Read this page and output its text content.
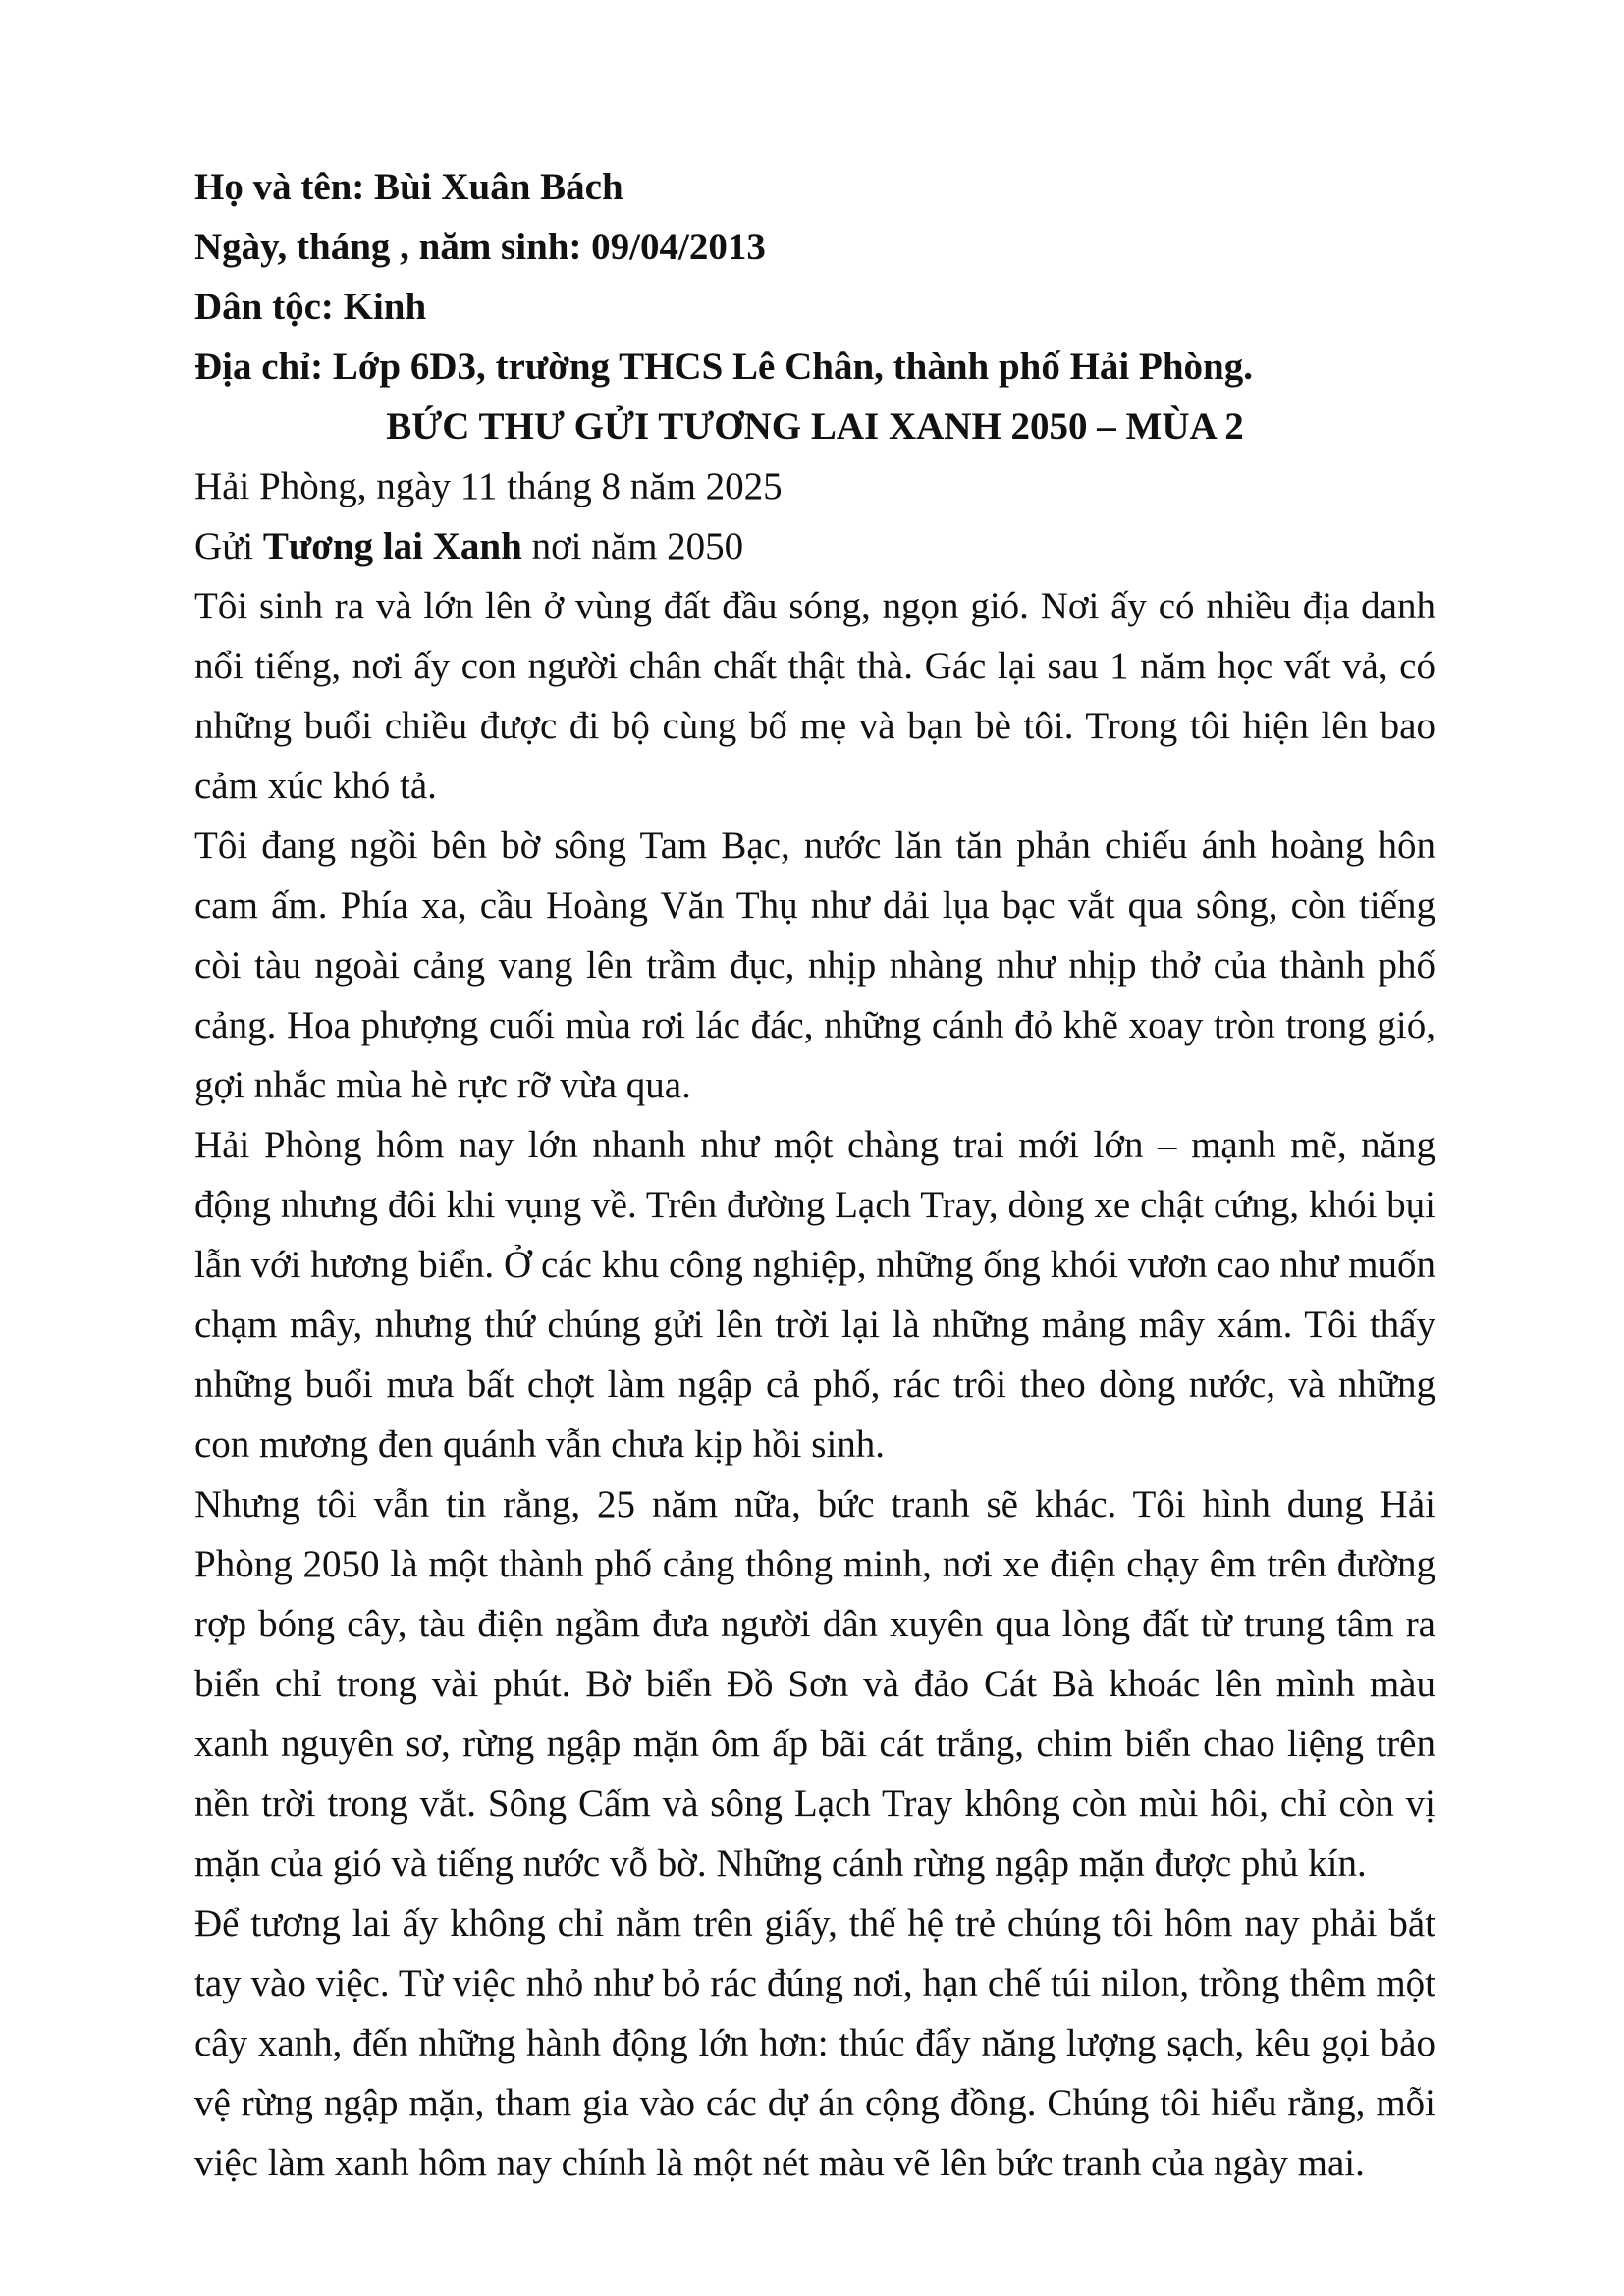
Họ và tên: Bùi Xuân Bách

Ngày, tháng , năm sinh: 09/04/2013

Dân tộc: Kinh

Địa chỉ: Lớp 6D3, trường THCS Lê Chân, thành phố Hải Phòng.

BỨC THƯ GỬI TƯƠNG LAI XANH 2050 – MÙA 2

Hải Phòng, ngày 11 tháng 8 năm 2025

Gửi Tương lai Xanh nơi năm 2050

Tôi sinh ra và lớn lên ở vùng đất đầu sóng, ngọn gió. Nơi ấy có nhiều địa danh nổi tiếng, nơi ấy con người chân chất thật thà. Gác lại sau 1 năm học vất vả, có những buổi chiều được đi bộ cùng bố mẹ và bạn bè tôi. Trong tôi hiện lên bao cảm xúc khó tả.

Tôi đang ngồi bên bờ sông Tam Bạc, nước lăn tăn phản chiếu ánh hoàng hôn cam ấm. Phía xa, cầu Hoàng Văn Thụ như dải lụa bạc vắt qua sông, còn tiếng còi tàu ngoài cảng vang lên trầm đục, nhịp nhàng như nhịp thở của thành phố cảng. Hoa phượng cuối mùa rơi lác đác, những cánh đỏ khẽ xoay tròn trong gió, gợi nhắc mùa hè rực rỡ vừa qua.

Hải Phòng hôm nay lớn nhanh như một chàng trai mới lớn – mạnh mẽ, năng động nhưng đôi khi vụng về. Trên đường Lạch Tray, dòng xe chật cứng, khói bụi lẫn với hương biển. Ở các khu công nghiệp, những ống khói vươn cao như muốn chạm mây, nhưng thứ chúng gửi lên trời lại là những mảng mây xám. Tôi thấy những buổi mưa bất chợt làm ngập cả phố, rác trôi theo dòng nước, và những con mương đen quánh vẫn chưa kịp hồi sinh.

Nhưng tôi vẫn tin rằng, 25 năm nữa, bức tranh sẽ khác. Tôi hình dung Hải Phòng 2050 là một thành phố cảng thông minh, nơi xe điện chạy êm trên đường rợp bóng cây, tàu điện ngầm đưa người dân xuyên qua lòng đất từ trung tâm ra biển chỉ trong vài phút. Bờ biển Đồ Sơn và đảo Cát Bà khoác lên mình màu xanh nguyên sơ, rừng ngập mặn ôm ấp bãi cát trắng, chim biển chao liệng trên nền trời trong vắt. Sông Cấm và sông Lạch Tray không còn mùi hôi, chỉ còn vị mặn của gió và tiếng nước vỗ bờ. Những cánh rừng ngập mặn được phủ kín.

Để tương lai ấy không chỉ nằm trên giấy, thế hệ trẻ chúng tôi hôm nay phải bắt tay vào việc. Từ việc nhỏ như bỏ rác đúng nơi, hạn chế túi nilon, trồng thêm một cây xanh, đến những hành động lớn hơn: thúc đẩy năng lượng sạch, kêu gọi bảo vệ rừng ngập mặn, tham gia vào các dự án cộng đồng. Chúng tôi hiểu rằng, mỗi việc làm xanh hôm nay chính là một nét màu vẽ lên bức tranh của ngày mai.
